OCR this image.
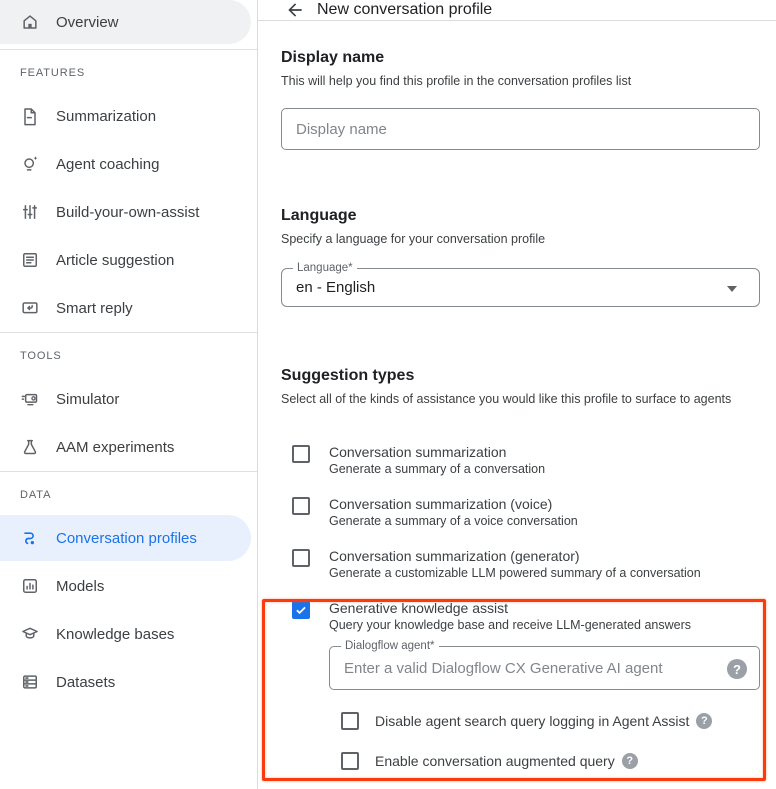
Overview
FEATURES
Summarization
Agent coaching
Build-your-own-assist
Article suggestion
Smart reply
TOOLS
Simulator
AAM experiments
DATA
Conversation profiles
Models
Knowledge bases
Datasets
New conversation profile
Display name
This will help you find this profile in the conversation profiles list
Display name
Language
Specify a language for your conversation profile
Language*
en - English
Suggestion types
Select all of the kinds of assistance you would like this profile to surface to agents
Conversation summarization
Generate a summary of a conversation
Conversation summarization (voice)
Generate a summary of a voice conversation
Conversation summarization (generator)
Generate a customizable LLM powered summary of a conversation
Generative knowledge assist
Query your knowledge base and receive LLM-generated answers
Dialogflow agent*
Enter a valid Dialogflow CX Generative AI agent
?
Disable agent search query logging in Agent Assist	?
Enable conversation augmented query	?
